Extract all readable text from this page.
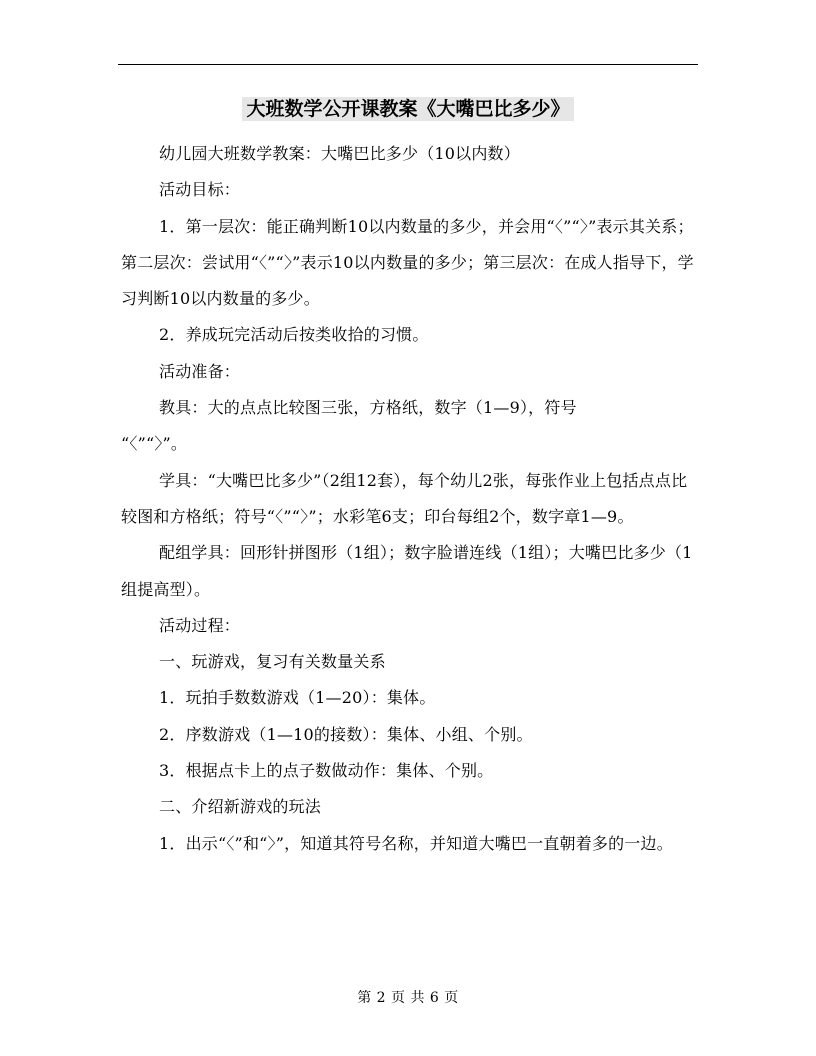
大班数学公开课教案《大嘴巴比多少》

幼儿园大班数学教案：大嘴巴比多少（10以内数）

活动目标：

1．第一层次：能正确判断10以内数量的多少，并会用“〈”“〉”表示其关系；第二层次：尝试用“〈”“〉”表示10以内数量的多少；第三层次：在成人指导下，学习判断10以内数量的多少。

2．养成玩完活动后按类收拾的习惯。

活动准备：

教具：大的点点比较图三张，方格纸，数字（1—9），符号

“〈”“〉”。

学具：“大嘴巴比多少”（2组12套），每个幼儿2张，每张作业上包括点点比较图和方格纸；符号“〈”“〉”；水彩笔6支；印台每组2个，数字章1—9。

配组学具：回形针拼图形（1组）；数字脸谱连线（1组）；大嘴巴比多少（1组提高型）。

活动过程：

一、玩游戏，复习有关数量关系

1．玩拍手数数游戏（1—20）：集体。

2．序数游戏（1—10的接数）：集体、小组、个别。

3．根据点卡上的点子数做动作：集体、个别。

二、介绍新游戏的玩法

1．出示“〈”和“〉”，知道其符号名称，并知道大嘴巴一直朝着多的一边。

第 2 页 共 6 页
